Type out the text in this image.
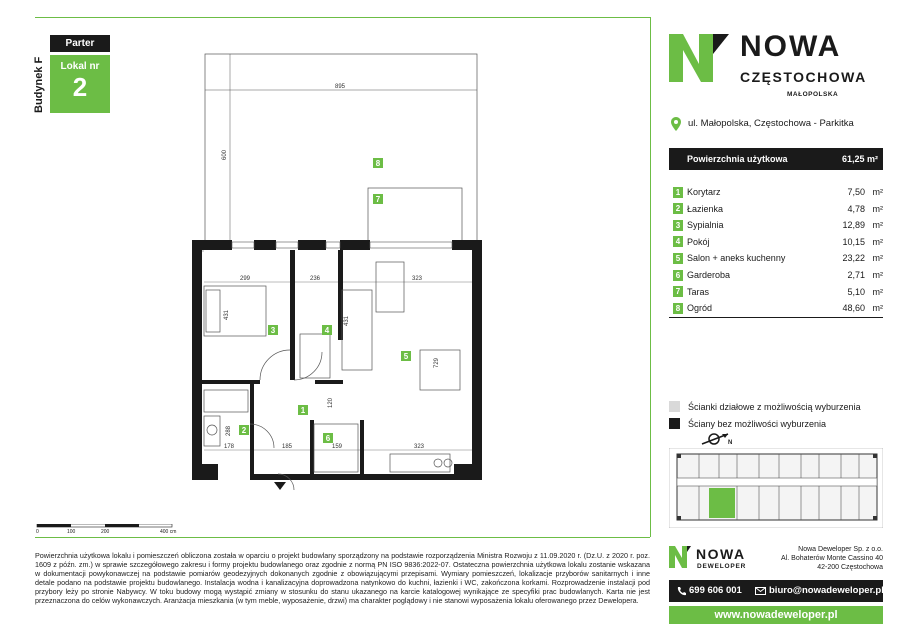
Budynek F
Parter
Lokal nr
2
NOWA
CZĘSTOCHOWA
MAŁOPOLSKA
ul. Małopolska, Częstochowa - Parkitka
Powierzchnia użytkowa	61,25 m²
1 Korytarz	7,50 m²
2 Łazienka	4,78 m²
3 Sypialnia	12,89 m²
4 Pokój	10,15 m²
5 Salon + aneks kuchenny	23,22 m²
6 Garderoba	2,71 m²
7 Taras	5,10 m²
8 Ogród	48,60 m²
Ścianki działowe z możliwością wyburzenia
Ściany bez możliwości wyburzenia
N
895
600
299	236	323
431
431
729
288
178	185	159
120
323
8
7
3	4
5
1
2
6
0	100	200	400 cm
Powierzchnia użytkowa lokalu i pomieszczeń obliczona została w oparciu o projekt budowlany sporządzony na podstawie rozporządzenia Ministra Rozwoju z 11.09.2020 r. (Dz.U. z 2020 r. poz. 1609 z późn. zm.) w sprawie szczegółowego zakresu i formy projektu budowlanego oraz zgodnie z normą PN ISO 9836:2022-07. Ostateczna powierzchnia użytkowa lokalu zostanie wskazana w dokumentacji powykonawczej na podstawie pomiarów geodezyjnych dokonanych zgodnie z obowiązującymi przepisami. Wymiary pomieszczeń, lokalizacje przyborów sanitarnych i inne detale podano na podstawie projektu budowlanego. Instalacja wodna i kanalizacyjna doprowadzona natynkowo do kuchni, łazienki i WC, zakończona korkami. Rozprowadzenie instalacji pod przybory leży po stronie Nabywcy. W toku budowy mogą wystąpić zmiany w stosunku do stanu ukazanego na karcie katalogowej wynikające ze specyfiki prac budowlanych. Karta nie jest przeznaczona do celów wykonawczych. Aranżacja mieszkania (w tym meble, wyposażenie, drzwi) ma charakter poglądowy i nie stanowi wyposażenia lokalu oferowanego przez Dewelopera.
NOWA
DEWELOPER
Nowa Deweloper Sp. z o.o.
Al. Bohaterów Monte Cassino 40
42-200 Częstochowa
699 606 001	biuro@nowadeweloper.pl
www.nowadeweloper.pl
